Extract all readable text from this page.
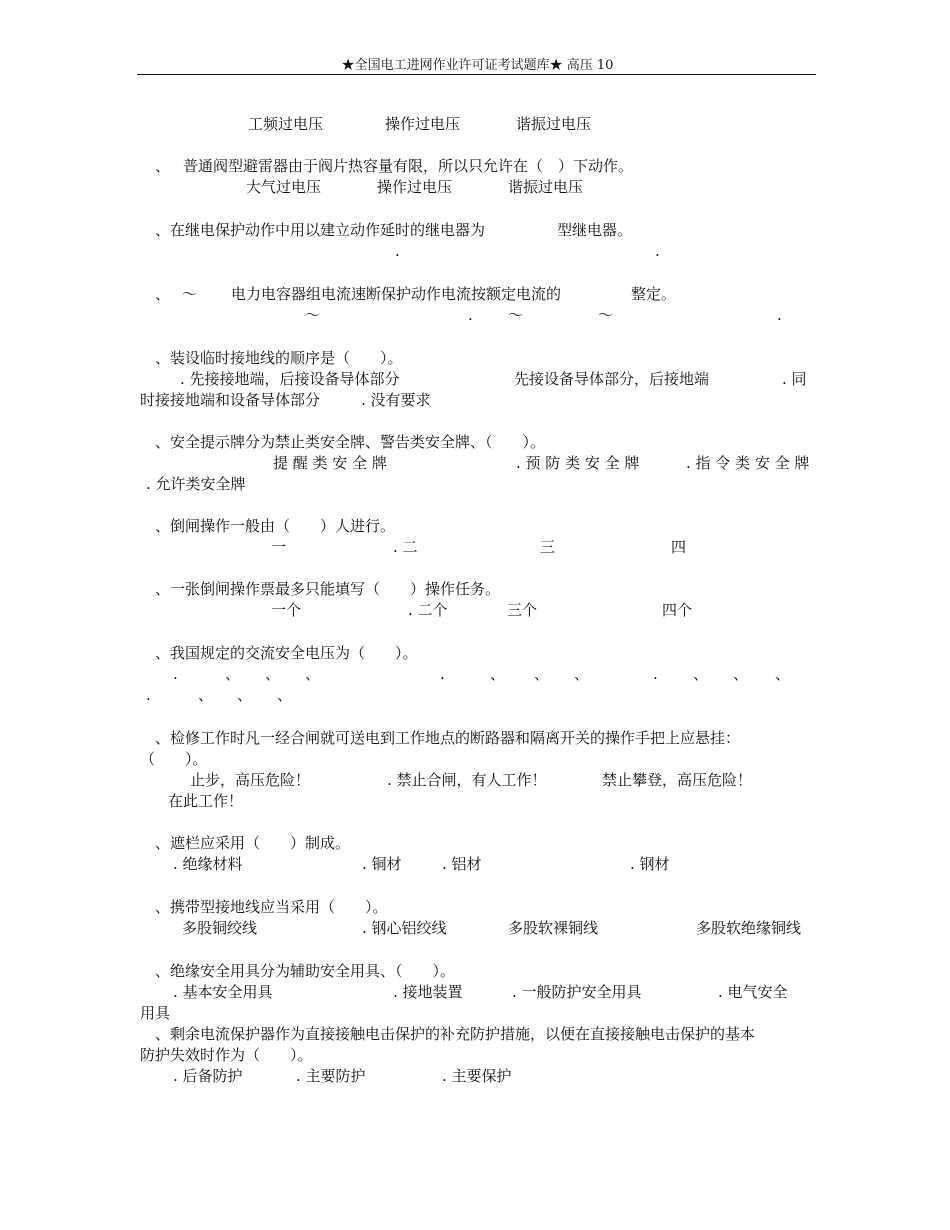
★全国电工进网作业许可证考试题库★ 高压 10
工频过电压	操作过电压	谐振过电压
、 普通阀型避雷器由于阀片热容量有限，所以只允许在（　）下动作。
大气过电压	操作过电压	谐振过电压
、在继电保护动作中用以建立动作延时的继电器为	型继电器。
.	.
、 ～ 电力电容器组电流速断保护动作电流按额定电流的	整定。
～	. ～	～	.
、装设临时接地线的顺序是（　　）。
. 先接接地端，后接设备导体部分	先接设备导体部分，后接地端	. 同
时接接地端和设备导体部分	. 没有要求
、安全提示牌分为禁止类安全牌、警告类安全牌、（　　）。
提 醒 类 安 全 牌	. 预 防 类 安 全 牌	. 指 令 类 安 全 牌
. 允许类安全牌
、倒闸操作一般由（　　）人进行。
一	. 二	三	四
、一张倒闸操作票最多只能填写（　　）操作任务。
一个	. 二个	三个	四个
、我国规定的交流安全电压为（　　）。
.	、 、 、	.	、 、 、	. 、 、 、
.	、 、 、
、检修工作时凡一经合闸就可送电到工作地点的断路器和隔离开关的操作手把上应悬挂：
（　　）。
止步，高压危险！	. 禁止合闸，有人工作！	禁止攀登，高压危险！
在此工作！
、遮栏应采用（　　）制成。
. 绝缘材料	. 铜材	. 铝材	. 钢材
、携带型接地线应当采用（　　）。
多股铜绞线	. 钢心铝绞线	多股软裸铜线	多股软绝缘铜线
、绝缘安全用具分为辅助安全用具、（　　）。
. 基本安全用具	. 接地装置	. 一般防护安全用具	. 电气安全
用具
、剩余电流保护器作为直接接触电击保护的补充防护措施，以便在直接接触电击保护的基本
防护失效时作为（　　）。
. 后备防护	. 主要防护	. 主要保护
